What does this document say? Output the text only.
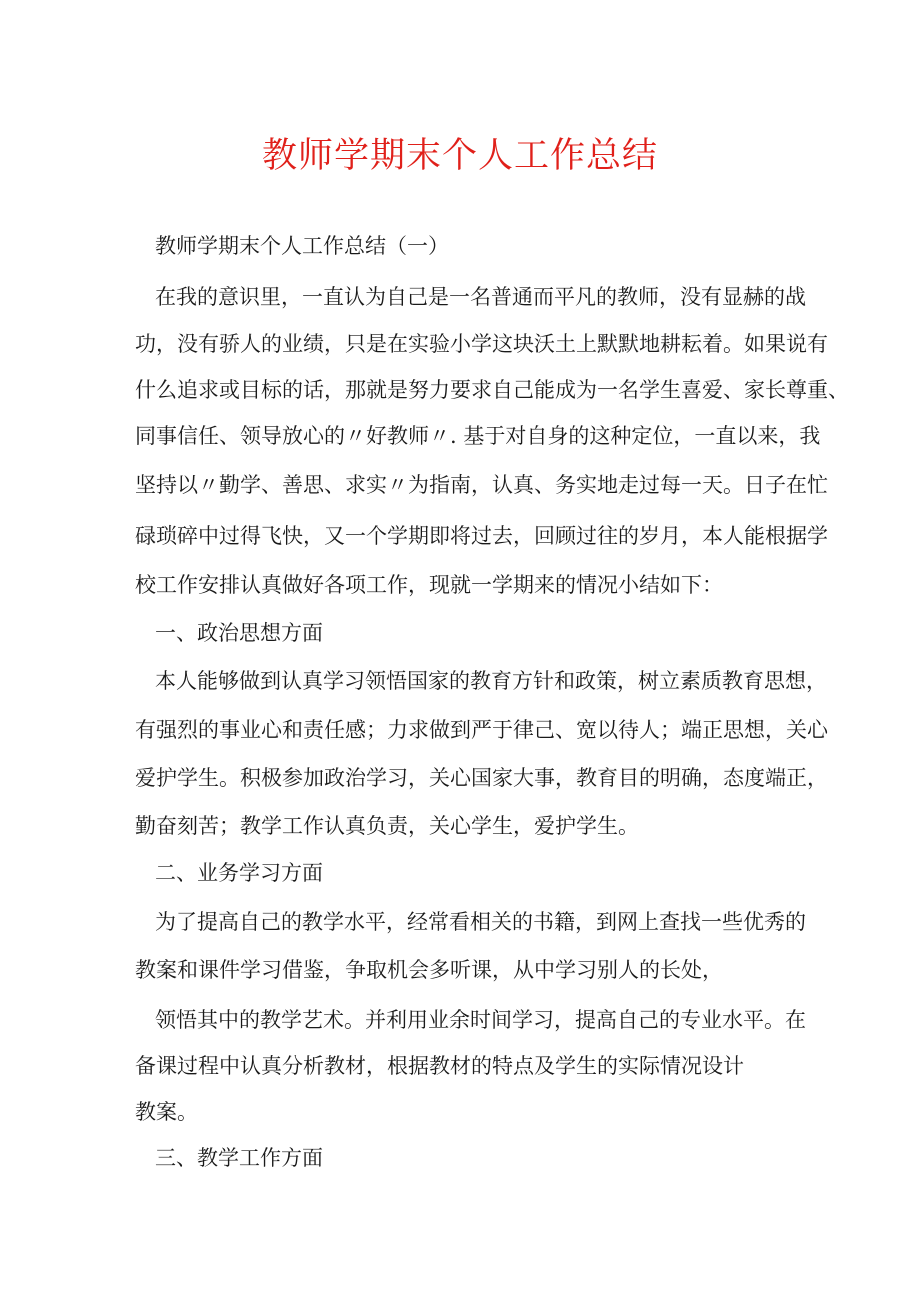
教师学期末个人工作总结

教师学期末个人工作总结（一）

在我的意识里，一直认为自己是一名普通而平凡的教师，没有显赫的战

功，没有骄人的业绩，只是在实验小学这块沃土上默默地耕耘着。如果说有

什么追求或目标的话，那就是努力要求自己能成为一名学生喜爱、家长尊重、

同事信任、领导放心的〃好教师〃. 基于对自身的这种定位，一直以来，我

坚持以〃勤学、善思、求实〃为指南，认真、务实地走过每一天。日子在忙

碌琐碎中过得飞快，又一个学期即将过去，回顾过往的岁月，本人能根据学

校工作安排认真做好各项工作，现就一学期来的情况小结如下：

一、政治思想方面

本人能够做到认真学习领悟国家的教育方针和政策，树立素质教育思想，

有强烈的事业心和责任感；力求做到严于律己、宽以待人；端正思想，关心

爱护学生。积极参加政治学习，关心国家大事，教育目的明确，态度端正，

勤奋刻苦；教学工作认真负责，关心学生，爱护学生。

二、业务学习方面

为了提高自己的教学水平，经常看相关的书籍，到网上查找一些优秀的

教案和课件学习借鉴，争取机会多听课，从中学习别人的长处，

领悟其中的教学艺术。并利用业余时间学习，提高自己的专业水平。在

备课过程中认真分析教材，根据教材的特点及学生的实际情况设计

教案。

三、教学工作方面
